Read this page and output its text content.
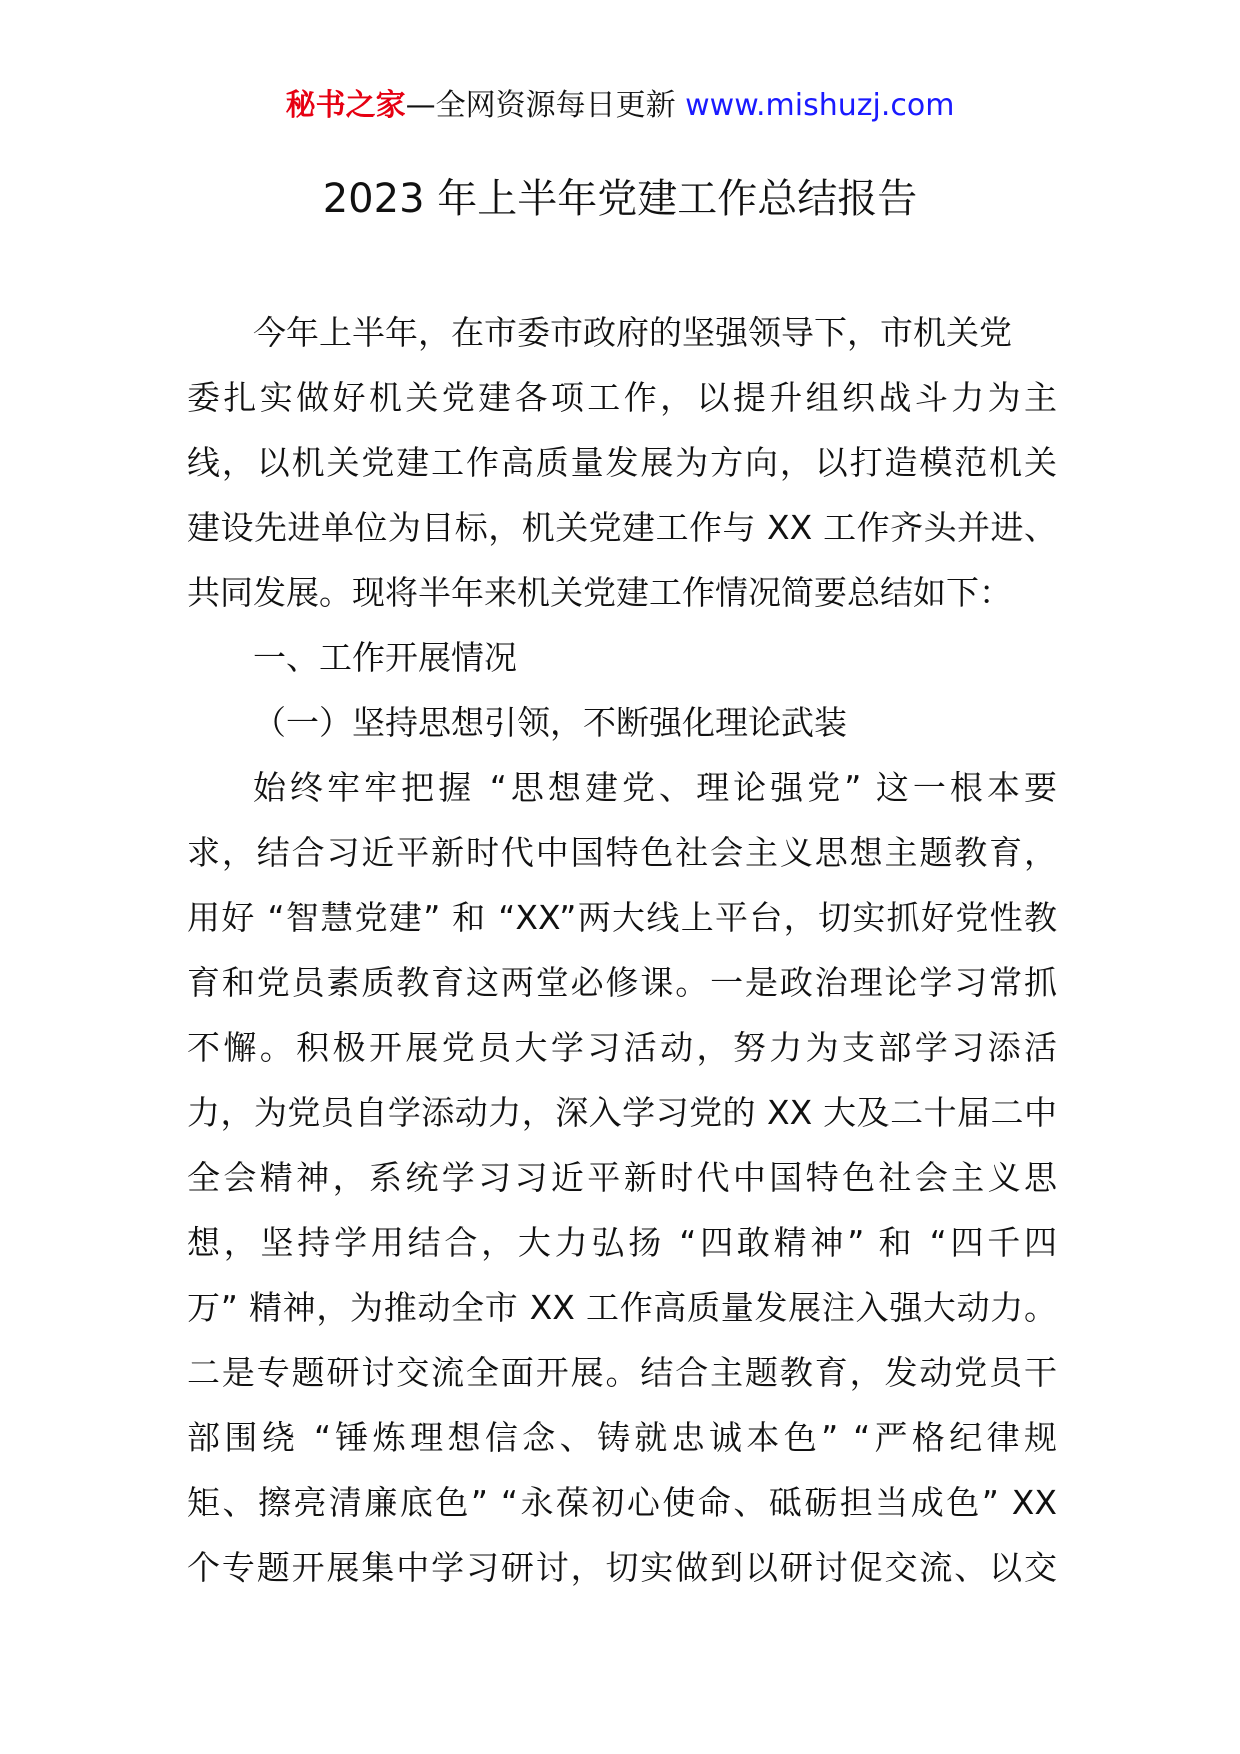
秘书之家—全网资源每日更新 www.mishuzj.com
2023 年上半年党建工作总结报告
今年上半年，在市委市政府的坚强领导下，市机关党
委扎实做好机关党建各项工作，以提升组织战斗力为主
线，以机关党建工作高质量发展为方向，以打造模范机关
建设先进单位为目标，机关党建工作与 XX 工作齐头并进、
共同发展。现将半年来机关党建工作情况简要总结如下：
一、工作开展情况
（一）坚持思想引领，不断强化理论武装
始终牢牢把握 “思想建党、理论强党” 这一根本要
求，结合习近平新时代中国特色社会主义思想主题教育，
用好 “智慧党建” 和 “XX”两大线上平台，切实抓好党性教
育和党员素质教育这两堂必修课。一是政治理论学习常抓
不懈。积极开展党员大学习活动，努力为支部学习添活
力，为党员自学添动力，深入学习党的 XX 大及二十届二中
全会精神，系统学习习近平新时代中国特色社会主义思
想，坚持学用结合，大力弘扬 “四敢精神” 和 “四千四
万” 精神，为推动全市 XX 工作高质量发展注入强大动力。
二是专题研讨交流全面开展。结合主题教育，发动党员干
部围绕 “锤炼理想信念、铸就忠诚本色” “严格纪律规
矩、擦亮清廉底色” “永葆初心使命、砥砺担当成色” XX
个专题开展集中学习研讨，切实做到以研讨促交流、以交
